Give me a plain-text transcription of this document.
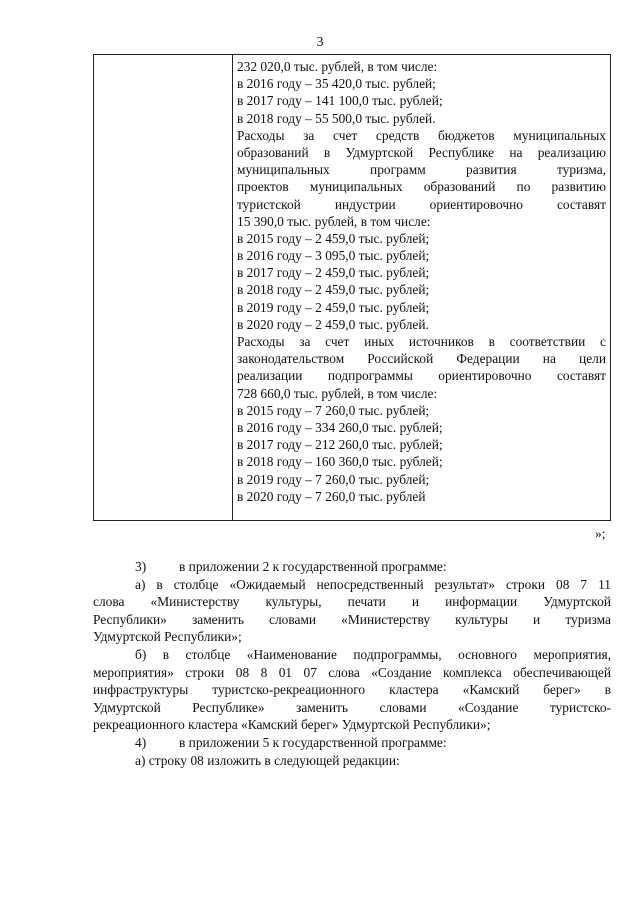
3
232 020,0 тыс. рублей, в том числе:
в 2016 году – 35 420,0 тыс. рублей;
в 2017 году – 141 100,0 тыс. рублей;
в 2018 году – 55 500,0 тыс. рублей.
Расходы за счет средств бюджетов муниципальных
образований в Удмуртской Республике на реализацию
муниципальных программ развития туризма,
проектов муниципальных образований по развитию
туристской индустрии ориентировочно составят
15 390,0 тыс. рублей, в том числе:
в 2015 году – 2 459,0 тыс. рублей;
в 2016 году – 3 095,0 тыс. рублей;
в 2017 году – 2 459,0 тыс. рублей;
в 2018 году – 2 459,0 тыс. рублей;
в 2019 году – 2 459,0 тыс. рублей;
в 2020 году – 2 459,0 тыс. рублей.
Расходы за счет иных источников в соответствии с
законодательством Российской Федерации на цели
реализации подпрограммы ориентировочно составят
728 660,0 тыс. рублей, в том числе:
в 2015 году – 7 260,0 тыс. рублей;
в 2016 году – 334 260,0 тыс. рублей;
в 2017 году – 212 260,0 тыс. рублей;
в 2018 году – 160 360,0 тыс. рублей;
в 2019 году – 7 260,0 тыс. рублей;
в 2020 году – 7 260,0 тыс. рублей
»;
3) в приложении 2 к государственной программе:
а) в столбце «Ожидаемый непосредственный результат» строки 08 7 11
слова «Министерству культуры, печати и информации Удмуртской
Республики» заменить словами «Министерству культуры и туризма
Удмуртской Республики»;
б) в столбце «Наименование подпрограммы, основного мероприятия,
мероприятия» строки 08 8 01 07 слова «Создание комплекса обеспечивающей
инфраструктуры туристско-рекреационного кластера «Камский берег» в
Удмуртской Республике» заменить словами «Создание туристско-
рекреационного кластера «Камский берег» Удмуртской Республики»;
4) в приложении 5 к государственной программе:
а) строку 08 изложить в следующей редакции:
